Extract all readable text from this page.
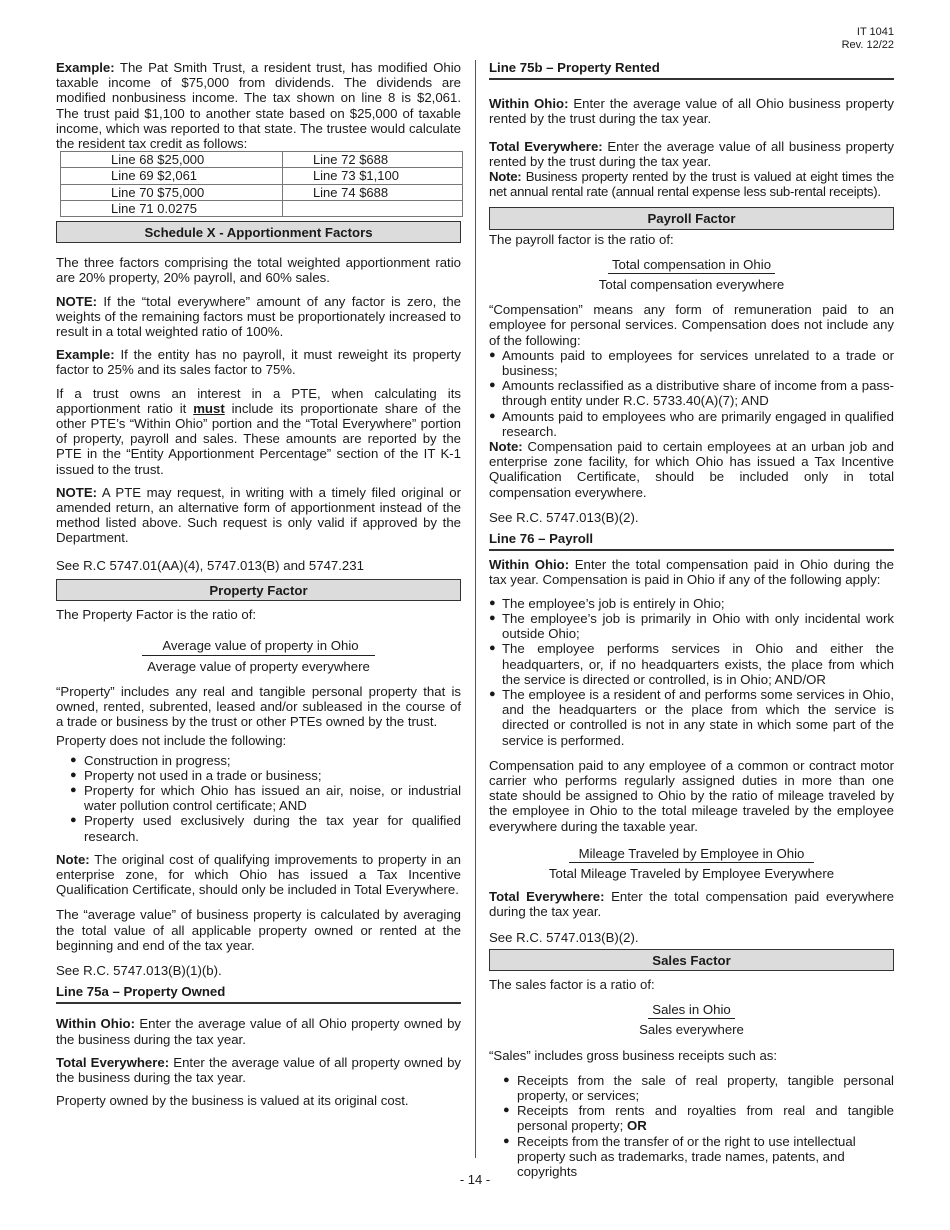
IT 1041
Rev. 12/22

Example: The Pat Smith Trust, a resident trust, has modified Ohio taxable income of $75,000 from dividends. The dividends are modified nonbusiness income. The tax shown on line 8 is $2,061. The trust paid $1,100 to another state based on $25,000 of taxable income, which was reported to that state. The trustee would calculate the resident tax credit as follows:

Line 68 $25,000	Line 72 $688
Line 69 $2,061	Line 73 $1,100
Line 70 $75,000	Line 74 $688
Line 71 0.0275	
Schedule X - Apportionment Factors

The three factors comprising the total weighted apportionment ratio are 20% property, 20% payroll, and 60% sales.

NOTE: If the “total everywhere” amount of any factor is zero, the weights of the remaining factors must be proportionately increased to result in a total weighted ratio of 100%.

Example: If the entity has no payroll, it must reweight its property factor to 25% and its sales factor to 75%.

If a trust owns an interest in a PTE, when calculating its apportionment ratio it must include its proportionate share of the other PTE’s “Within Ohio” portion and the “Total Everywhere” portion of property, payroll and sales. These amounts are reported by the PTE in the “Entity Apportionment Percentage” section of the IT K-1 issued to the trust.

NOTE: A PTE may request, in writing with a timely filed original or amended return, an alternative form of apportionment instead of the method listed above. Such request is only valid if approved by the Department.

See R.C 5747.01(AA)(4), 5747.013(B) and 5747.231

Property Factor

The Property Factor is the ratio of:

Average value of property in Ohio
Average value of property everywhere

“Property” includes any real and tangible personal property that is owned, rented, subrented, leased and/or subleased in the course of a trade or business by the trust or other PTEs owned by the trust.

Property does not include the following:

● Construction in progress;
● Property not used in a trade or business;
● Property for which Ohio has issued an air, noise, or industrial water pollution control certificate; AND
● Property used exclusively during the tax year for qualified research.

Note: The original cost of qualifying improvements to property in an enterprise zone, for which Ohio has issued a Tax Incentive Qualification Certificate, should only be included in Total Everywhere.

The “average value” of business property is calculated by averaging the total value of all applicable property owned or rented at the beginning and end of the tax year.

See R.C. 5747.013(B)(1)(b).

Line 75a – Property Owned

Within Ohio: Enter the average value of all Ohio property owned by the business during the tax year.

Total Everywhere: Enter the average value of all property owned by the business during the tax year.

Property owned by the business is valued at its original cost.

Line 75b – Property Rented

Within Ohio: Enter the average value of all Ohio business property rented by the trust during the tax year.

Total Everywhere: Enter the average value of all business property rented by the trust during the tax year.

Note: Business property rented by the trust is valued at eight times the net annual rental rate (annual rental expense less sub-rental receipts).

Payroll Factor

The payroll factor is the ratio of:

Total compensation in Ohio
Total compensation everywhere

“Compensation” means any form of remuneration paid to an employee for personal services. Compensation does not include any of the following:

● Amounts paid to employees for services unrelated to a trade or business;
● Amounts reclassified as a distributive share of income from a pass-through entity under R.C. 5733.40(A)(7); AND
● Amounts paid to employees who are primarily engaged in qualified research.

Note: Compensation paid to certain employees at an urban job and enterprise zone facility, for which Ohio has issued a Tax Incentive Qualification Certificate, should be included only in total compensation everywhere.

See R.C. 5747.013(B)(2).

Line 76 – Payroll

Within Ohio: Enter the total compensation paid in Ohio during the tax year. Compensation is paid in Ohio if any of the following apply:

● The employee’s job is entirely in Ohio;
● The employee’s job is primarily in Ohio with only incidental work outside Ohio;
● The employee performs services in Ohio and either the headquarters, or, if no headquarters exists, the place from which the service is directed or controlled, is in Ohio; AND/OR
● The employee is a resident of and performs some services in Ohio, and the headquarters or the place from which the service is directed or controlled is not in any state in which some part of the service is performed.

Compensation paid to any employee of a common or contract motor carrier who performs regularly assigned duties in more than one state should be assigned to Ohio by the ratio of mileage traveled by the employee in Ohio to the total mileage traveled by the employee everywhere during the taxable year.

Mileage Traveled by Employee in Ohio
Total Mileage Traveled by Employee Everywhere

Total Everywhere: Enter the total compensation paid everywhere during the tax year.

See R.C. 5747.013(B)(2).

Sales Factor

The sales factor is a ratio of:

Sales in Ohio
Sales everywhere

“Sales” includes gross business receipts such as:

● Receipts from the sale of real property, tangible personal property, or services;
● Receipts from rents and royalties from real and tangible personal property; OR
● Receipts from the transfer of or the right to use intellectual property such as trademarks, trade names, patents, and copyrights
- 14 -
